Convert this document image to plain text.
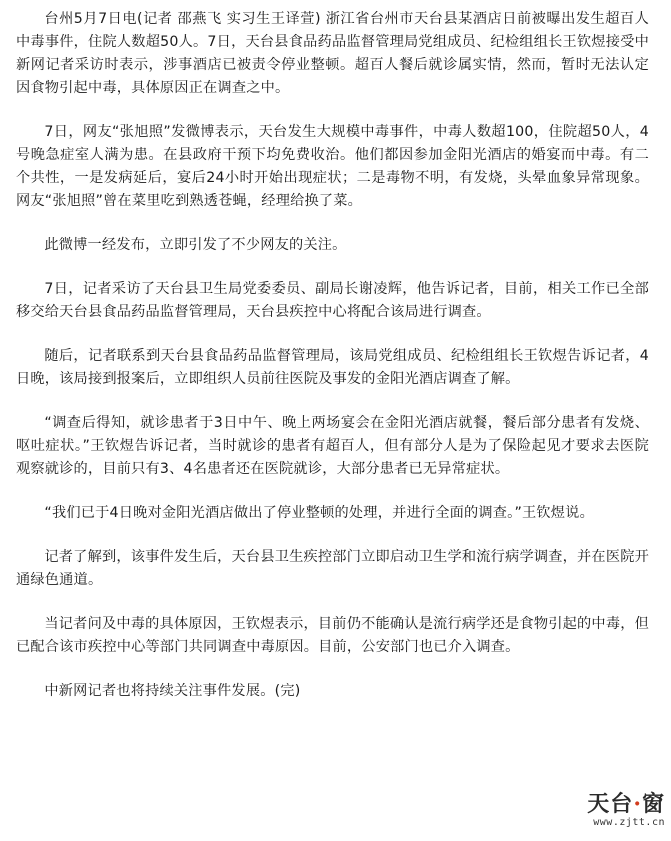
台州5月7日电(记者 邵燕飞 实习生王译萱) 浙江省台州市天台县某酒店日前被曝出发生超百人中毒事件，住院人数超50人。7日，天台县食品药品监督管理局党组成员、纪检组组长王钦煜接受中新网记者采访时表示，涉事酒店已被责令停业整顿。超百人餐后就诊属实情，然而，暂时无法认定因食物引起中毒，具体原因正在调查之中。

7日，网友“张旭照”发微博表示，天台发生大规模中毒事件，中毒人数超100，住院超50人，4号晚急症室人满为患。在县政府干预下均免费收治。他们都因参加金阳光酒店的婚宴而中毒。有二个共性，一是发病延后，宴后24小时开始出现症状；二是毒物不明，有发烧，头晕血象异常现象。网友“张旭照”曾在菜里吃到熟透苍蝇，经理给换了菜。

此微博一经发布，立即引发了不少网友的关注。

7日，记者采访了天台县卫生局党委委员、副局长谢凌辉，他告诉记者，目前，相关工作已全部移交给天台县食品药品监督管理局，天台县疾控中心将配合该局进行调查。

随后，记者联系到天台县食品药品监督管理局，该局党组成员、纪检组组长王钦煜告诉记者，4日晚，该局接到报案后，立即组织人员前往医院及事发的金阳光酒店调查了解。

“调查后得知，就诊患者于3日中午、晚上两场宴会在金阳光酒店就餐，餐后部分患者有发烧、呕吐症状。”王钦煜告诉记者，当时就诊的患者有超百人，但有部分人是为了保险起见才要求去医院观察就诊的，目前只有3、4名患者还在医院就诊，大部分患者已无异常症状。

“我们已于4日晚对金阳光酒店做出了停业整顿的处理，并进行全面的调查。”王钦煜说。

记者了解到，该事件发生后，天台县卫生疾控部门立即启动卫生学和流行病学调查，并在医院开通绿色通道。

当记者问及中毒的具体原因，王钦煜表示，目前仍不能确认是流行病学还是食物引起的中毒，但已配合该市疾控中心等部门共同调查中毒原因。目前，公安部门也已介入调查。

中新网记者也将持续关注事件发展。(完)

天台·窗
www.zjtt.cn
